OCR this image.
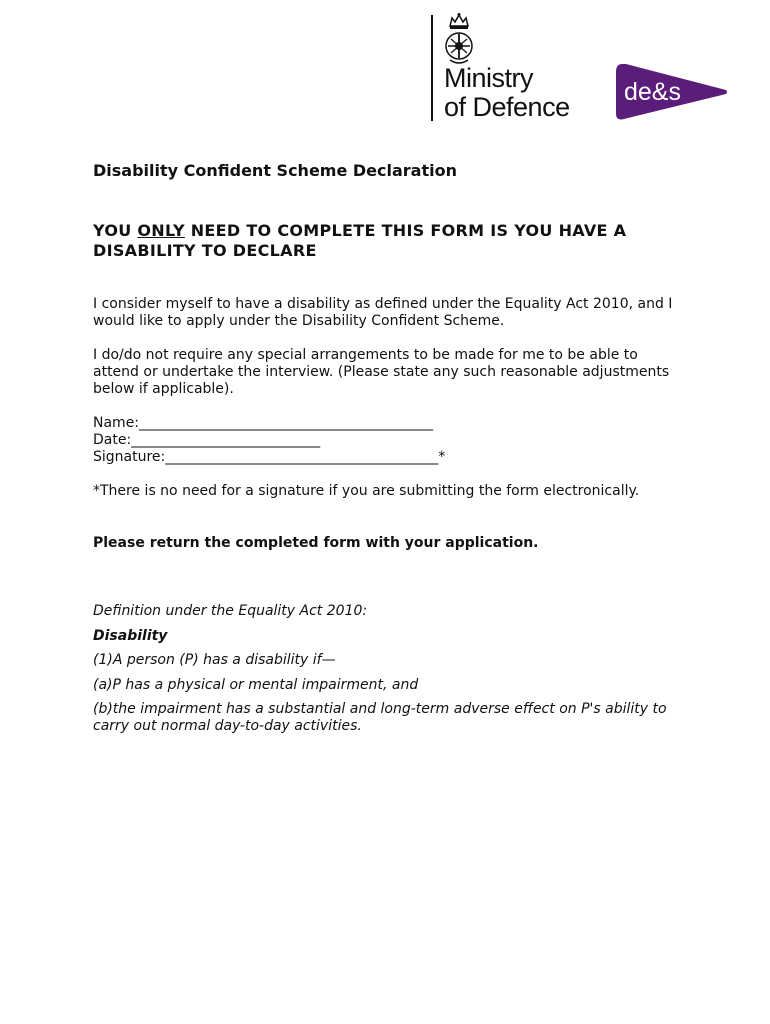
Ministry
of Defence de&s
Disability Confident Scheme Declaration
YOU ONLY NEED TO COMPLETE THIS FORM IS YOU HAVE A DISABILITY TO DECLARE
I consider myself to have a disability as defined under the Equality Act 2010, and I would like to apply under the Disability Confident Scheme.
I do/do not require any special arrangements to be made for me to be able to attend or undertake the interview. (Please state any such reasonable adjustments below if applicable).
Name:__________________________________________
Date:___________________________
Signature:_______________________________________*
*There is no need for a signature if you are submitting the form electronically.
Please return the completed form with your application.
Definition under the Equality Act 2010:
Disability
(1)A person (P) has a disability if—
(a)P has a physical or mental impairment, and
(b)the impairment has a substantial and long-term adverse effect on P's ability to carry out normal day-to-day activities.
